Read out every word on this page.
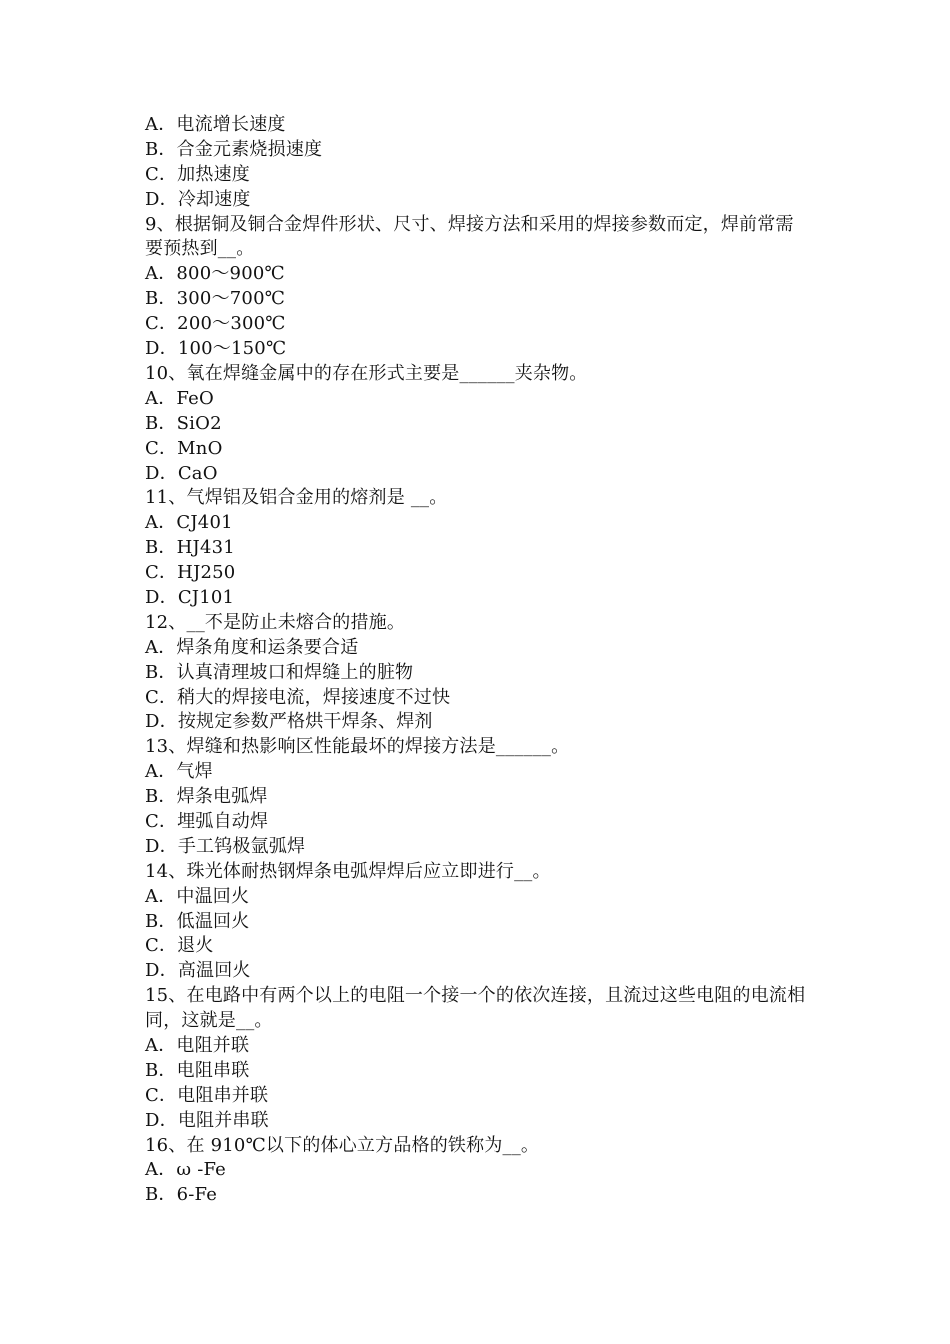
A．电流增长速度
B．合金元素烧损速度
C．加热速度
D．冷却速度
9、根据铜及铜合金焊件形状、尺寸、焊接方法和采用的焊接参数而定，焊前常需要预热到__。
A．800～900℃
B．300～700℃
C．200～300℃
D．100～150℃
10、氧在焊缝金属中的存在形式主要是______夹杂物。
A．FeO
B．SiO2
C．MnO
D．CaO
11、气焊铝及铝合金用的熔剂是 __。
A．CJ401
B．HJ431
C．HJ250
D．CJ101
12、__不是防止未熔合的措施。
A．焊条角度和运条要合适
B．认真清理坡口和焊缝上的脏物
C．稍大的焊接电流，焊接速度不过快
D．按规定参数严格烘干焊条、焊剂
13、焊缝和热影响区性能最坏的焊接方法是______。
A．气焊
B．焊条电弧焊
C．埋弧自动焊
D．手工钨极氩弧焊
14、珠光体耐热钢焊条电弧焊焊后应立即进行__。
A．中温回火
B．低温回火
C．退火
D．高温回火
15、在电路中有两个以上的电阻一个接一个的依次连接，且流过这些电阻的电流相同，这就是__。
A．电阻并联
B．电阻串联
C．电阻串并联
D．电阻并串联
16、在 910℃以下的体心立方品格的铁称为__。
A．ω -Fe
B．6-Fe
